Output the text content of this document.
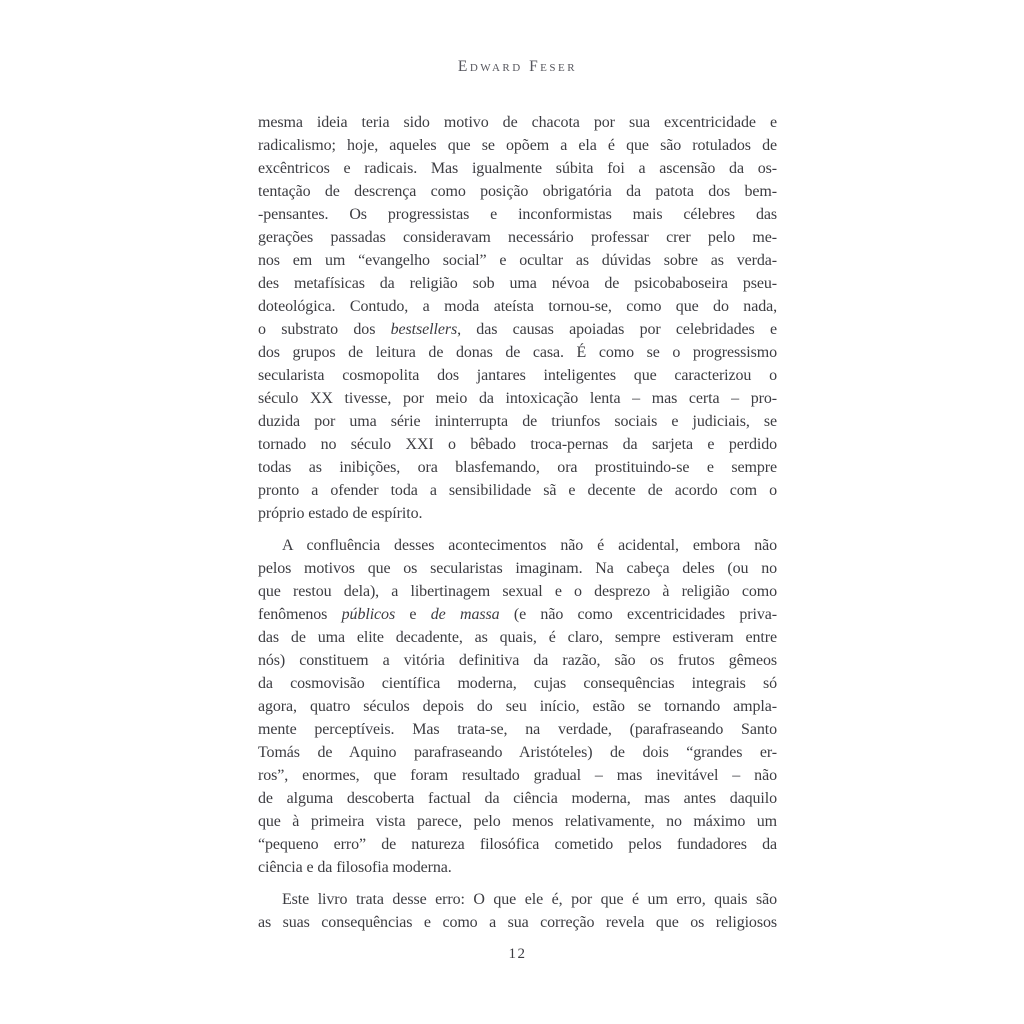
Edward Feser
mesma ideia teria sido motivo de chacota por sua excentricidade e
radicalismo; hoje, aqueles que se opõem a ela é que são rotulados de
excêntricos e radicais. Mas igualmente súbita foi a ascensão da os-
tentação de descrença como posição obrigatória da patota dos bem-
-pensantes. Os progressistas e inconformistas mais célebres das
gerações passadas consideravam necessário professar crer pelo me-
nos em um “evangelho social” e ocultar as dúvidas sobre as verda-
des metafísicas da religião sob uma névoa de psicobaboseira pseu-
doteológica. Contudo, a moda ateísta tornou-se, como que do nada,
o substrato dos bestsellers, das causas apoiadas por celebridades e
dos grupos de leitura de donas de casa. É como se o progressismo
secularista cosmopolita dos jantares inteligentes que caracterizou o
século XX tivesse, por meio da intoxicação lenta – mas certa – pro-
duzida por uma série ininterrupta de triunfos sociais e judiciais, se
tornado no século XXI o bêbado troca-pernas da sarjeta e perdido
todas as inibições, ora blasfemando, ora prostituindo-se e sempre
pronto a ofender toda a sensibilidade sã e decente de acordo com o
próprio estado de espírito.
A confluência desses acontecimentos não é acidental, embora não
pelos motivos que os secularistas imaginam. Na cabeça deles (ou no
que restou dela), a libertinagem sexual e o desprezo à religião como
fenômenos públicos e de massa (e não como excentricidades priva-
das de uma elite decadente, as quais, é claro, sempre estiveram entre
nós) constituem a vitória definitiva da razão, são os frutos gêmeos
da cosmovisão científica moderna, cujas consequências integrais só
agora, quatro séculos depois do seu início, estão se tornando ampla-
mente perceptíveis. Mas trata-se, na verdade, (parafraseando Santo
Tomás de Aquino parafraseando Aristóteles) de dois “grandes er-
ros”, enormes, que foram resultado gradual – mas inevitável – não
de alguma descoberta factual da ciência moderna, mas antes daquilo
que à primeira vista parece, pelo menos relativamente, no máximo um
“pequeno erro” de natureza filosófica cometido pelos fundadores da
ciência e da filosofia moderna.
Este livro trata desse erro: O que ele é, por que é um erro, quais são
as suas consequências e como a sua correção revela que os religiosos
12
